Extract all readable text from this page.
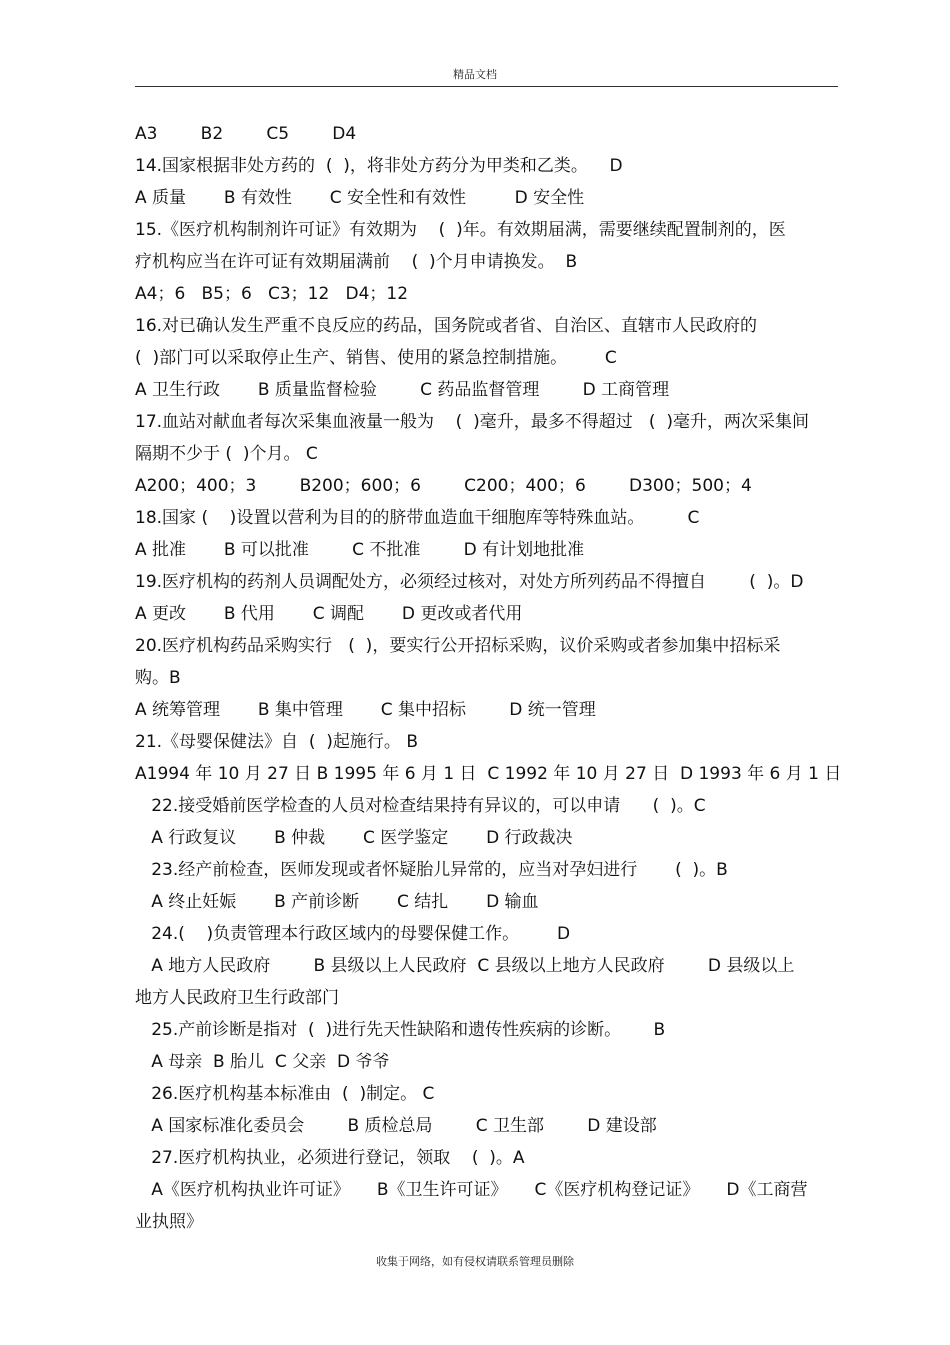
精品文档
A3        B2        C5        D4
14.国家根据非处方药的  (  )，将非处方药分为甲类和乙类。    D
A 质量       B 有效性       C 安全性和有效性         D 安全性
15.《医疗机构制剂许可证》有效期为    (  )年。有效期届满，需要继续配置制剂的，医
疗机构应当在许可证有效期届满前    (  )个月申请换发。  B
A4；6   B5；6   C3；12   D4；12
16.对已确认发生严重不良反应的药品，国务院或者省、自治区、直辖市人民政府的
(  )部门可以采取停止生产、销售、使用的紧急控制措施。       C
A 卫生行政       B 质量监督检验        C 药品监督管理        D 工商管理
17.血站对献血者每次采集血液量一般为    (  )毫升，最多不得超过   (  )毫升，两次采集间
隔期不少于 (  )个月。 C
A200；400；3        B200；600；6        C200；400；6        D300；500；4
18.国家 (    )设置以营利为目的的脐带血造血干细胞库等特殊血站。        C
A 批准       B 可以批准        C 不批准        D 有计划地批准
19.医疗机构的药剂人员调配处方，必须经过核对，对处方所列药品不得擅自        (  )。D
A 更改       B 代用       C 调配       D 更改或者代用
20.医疗机构药品采购实行   (  )，要实行公开招标采购，议价采购或者参加集中招标采
购。B
A 统筹管理       B 集中管理       C 集中招标        D 统一管理
21.《母婴保健法》自  (  )起施行。 B
A1994 年 10 月 27 日 B 1995 年 6 月 1 日  C 1992 年 10 月 27 日  D 1993 年 6 月 1 日
22.接受婚前医学检查的人员对检查结果持有异议的，可以申请      (  )。C
A 行政复议       B 仲裁       C 医学鉴定       D 行政裁决
23.经产前检查，医师发现或者怀疑胎儿异常的，应当对孕妇进行       (  )。B
A 终止妊娠       B 产前诊断       C 结扎       D 输血
24.(    )负责管理本行政区域内的母婴保健工作。       D
A 地方人民政府        B 县级以上人民政府  C 县级以上地方人民政府        D 县级以上
地方人民政府卫生行政部门
25.产前诊断是指对  (  )进行先天性缺陷和遗传性疾病的诊断。      B
A 母亲  B 胎儿  C 父亲  D 爷爷
26.医疗机构基本标准由  (  )制定。 C
A 国家标准化委员会        B 质检总局        C 卫生部        D 建设部
27.医疗机构执业，必须进行登记，领取    (  )。A
A《医疗机构执业许可证》     B《卫生许可证》     C《医疗机构登记证》     D《工商营
业执照》
收集于网络，如有侵权请联系管理员删除
